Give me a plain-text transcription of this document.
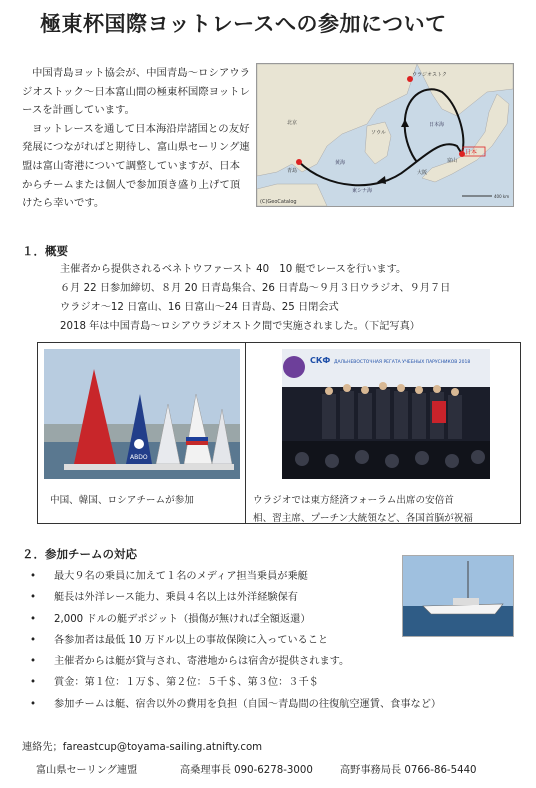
極東杯国際ヨットレースへの参加について

中国青島ヨット協会が、中国青島〜ロシアウラジオストック〜日本富山間の極東杯国際ヨットレースを計画しています。

ヨットレースを通して日本海沿岸諸国との友好発展につながればと期待し、富山県セーリング連盟は富山寄港について調整していますが、日本からチームまたは個人で参加頂き盛り上げて頂けたら幸いです。

ウラジオストク
日本海
日本
富山
大阪
青島
黄海
東シナ海
北京
ソウル
(C)GeoCatalog
400 km
１．概要
主催者から提供されるベネトウファースト 40　10 艇でレースを行います。
６月 22 日参加締切、８月 20 日青島集合、26 日青島〜９月３日ウラジオ、９月７日
ウラジオ〜12 日富山、16 日富山〜24 日青島、25 日閉会式
2018 年は中国青島〜ロシアウラジオストク間で実施されました。（下記写真）
ABDO
СКФ ДАЛЬНЕВОСТОЧНАЯ РЕГАТА УЧЕБНЫХ ПАРУСНИКОВ 2018
中国、韓国、ロシアチームが参加	ウラジオでは東方経済フォーラム出席の安倍首
相、習主席、プーチン大統領など、各国首脳が祝福
２．参加チームの対応
• 最大９名の乗員に加えて１名のメディア担当乗員が乗艇
• 艇長は外洋レース能力、乗員４名以上は外洋経験保有
• 2,000 ドルの艇デポジット（損傷が無ければ全額返還）
• 各参加者は最低 10 万ドル以上の事故保険に入っていること
• 主催者からは艇が貸与され、寄港地からは宿舎が提供されます。
• 賞金：第１位：１万＄、第２位：５千＄、第３位：３千＄
• 参加チームは艇、宿舎以外の費用を負担（自国〜青島間の往復航空運賃、食事など）
連絡先；fareastcup@toyama-sailing.atnifty.com
富山県セーリング連盟	高桑理事長 090-6278-3000	高野事務局長 0766-86-5440
